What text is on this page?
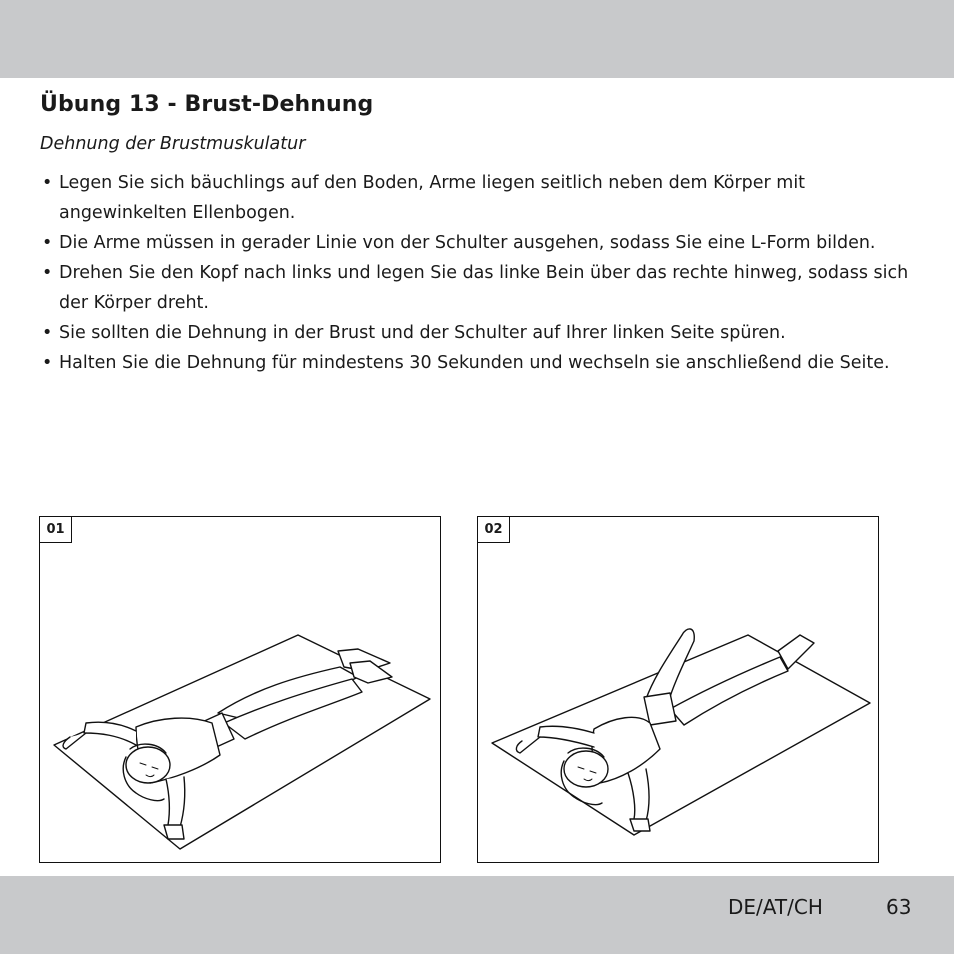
Übung 13 - Brust-Dehnung

Dehnung der Brustmuskulatur

• Legen Sie sich bäuchlings auf den Boden, Arme liegen seitlich neben dem Körper mit angewinkelten Ellenbogen.
• Die Arme müssen in gerader Linie von der Schulter ausgehen, sodass Sie eine L-Form bilden.
• Drehen Sie den Kopf nach links und legen Sie das linke Bein über das rechte hinweg, sodass sich der Körper dreht.
• Sie sollten die Dehnung in der Brust und der Schulter auf Ihrer linken Seite spüren.
• Halten Sie die Dehnung für mindestens 30 Sekunden und wechseln sie anschließend die Seite.
01	02
DE/AT/CH	63
